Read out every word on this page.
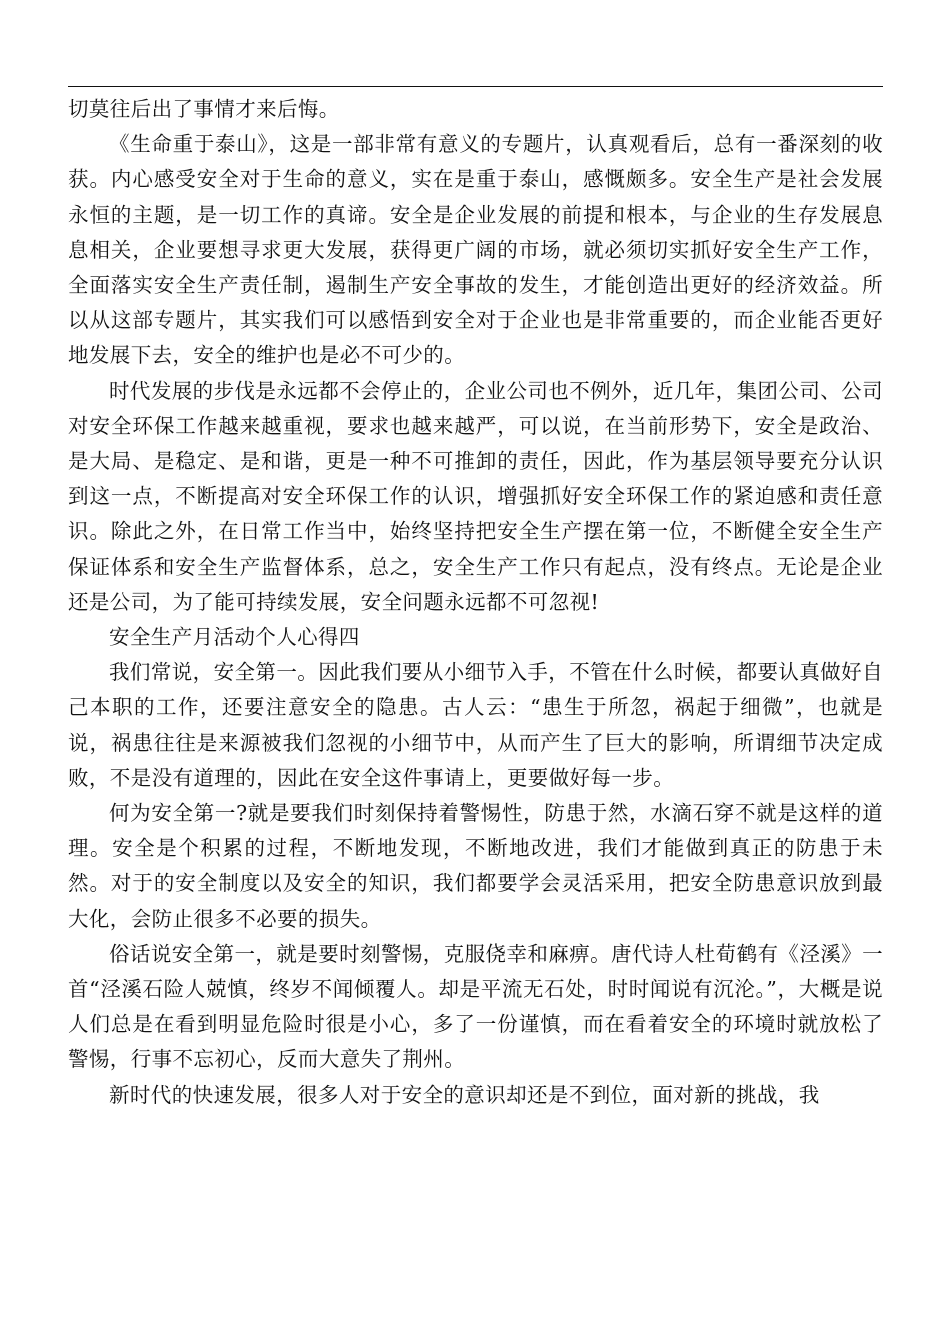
切莫往后出了事情才来后悔。

《生命重于泰山》，这是一部非常有意义的专题片，认真观看后，总有一番深刻的收获。内心感受安全对于生命的意义，实在是重于泰山，感慨颇多。安全生产是社会发展永恒的主题，是一切工作的真谛。安全是企业发展的前提和根本，与企业的生存发展息息相关，企业要想寻求更大发展，获得更广阔的市场，就必须切实抓好安全生产工作，全面落实安全生产责任制，遏制生产安全事故的发生，才能创造出更好的经济效益。所以从这部专题片，其实我们可以感悟到安全对于企业也是非常重要的，而企业能否更好地发展下去，安全的维护也是必不可少的。

时代发展的步伐是永远都不会停止的，企业公司也不例外，近几年，集团公司、公司对安全环保工作越来越重视，要求也越来越严，可以说，在当前形势下，安全是政治、是大局、是稳定、是和谐，更是一种不可推卸的责任，因此，作为基层领导要充分认识到这一点，不断提高对安全环保工作的认识，增强抓好安全环保工作的紧迫感和责任意识。除此之外，在日常工作当中，始终坚持把安全生产摆在第一位，不断健全安全生产保证体系和安全生产监督体系，总之，安全生产工作只有起点，没有终点。无论是企业还是公司，为了能可持续发展，安全问题永远都不可忽视!

安全生产月活动个人心得四

我们常说，安全第一。因此我们要从小细节入手，不管在什么时候，都要认真做好自己本职的工作，还要注意安全的隐患。古人云：“患生于所忽，祸起于细微”，也就是说，祸患往往是来源被我们忽视的小细节中，从而产生了巨大的影响，所谓细节决定成败，不是没有道理的，因此在安全这件事请上，更要做好每一步。

何为安全第一?就是要我们时刻保持着警惕性，防患于然，水滴石穿不就是这样的道理。安全是个积累的过程，不断地发现，不断地改进，我们才能做到真正的防患于未然。对于的安全制度以及安全的知识，我们都要学会灵活采用，把安全防患意识放到最大化，会防止很多不必要的损失。

俗话说安全第一，就是要时刻警惕，克服侥幸和麻痹。唐代诗人杜荀鹤有《泾溪》一首“泾溪石险人兢慎，终岁不闻倾覆人。却是平流无石处，时时闻说有沉沦。”，大概是说人们总是在看到明显危险时很是小心，多了一份谨慎，而在看着安全的环境时就放松了警惕，行事不忘初心，反而大意失了荆州。

新时代的快速发展，很多人对于安全的意识却还是不到位，面对新的挑战，我
